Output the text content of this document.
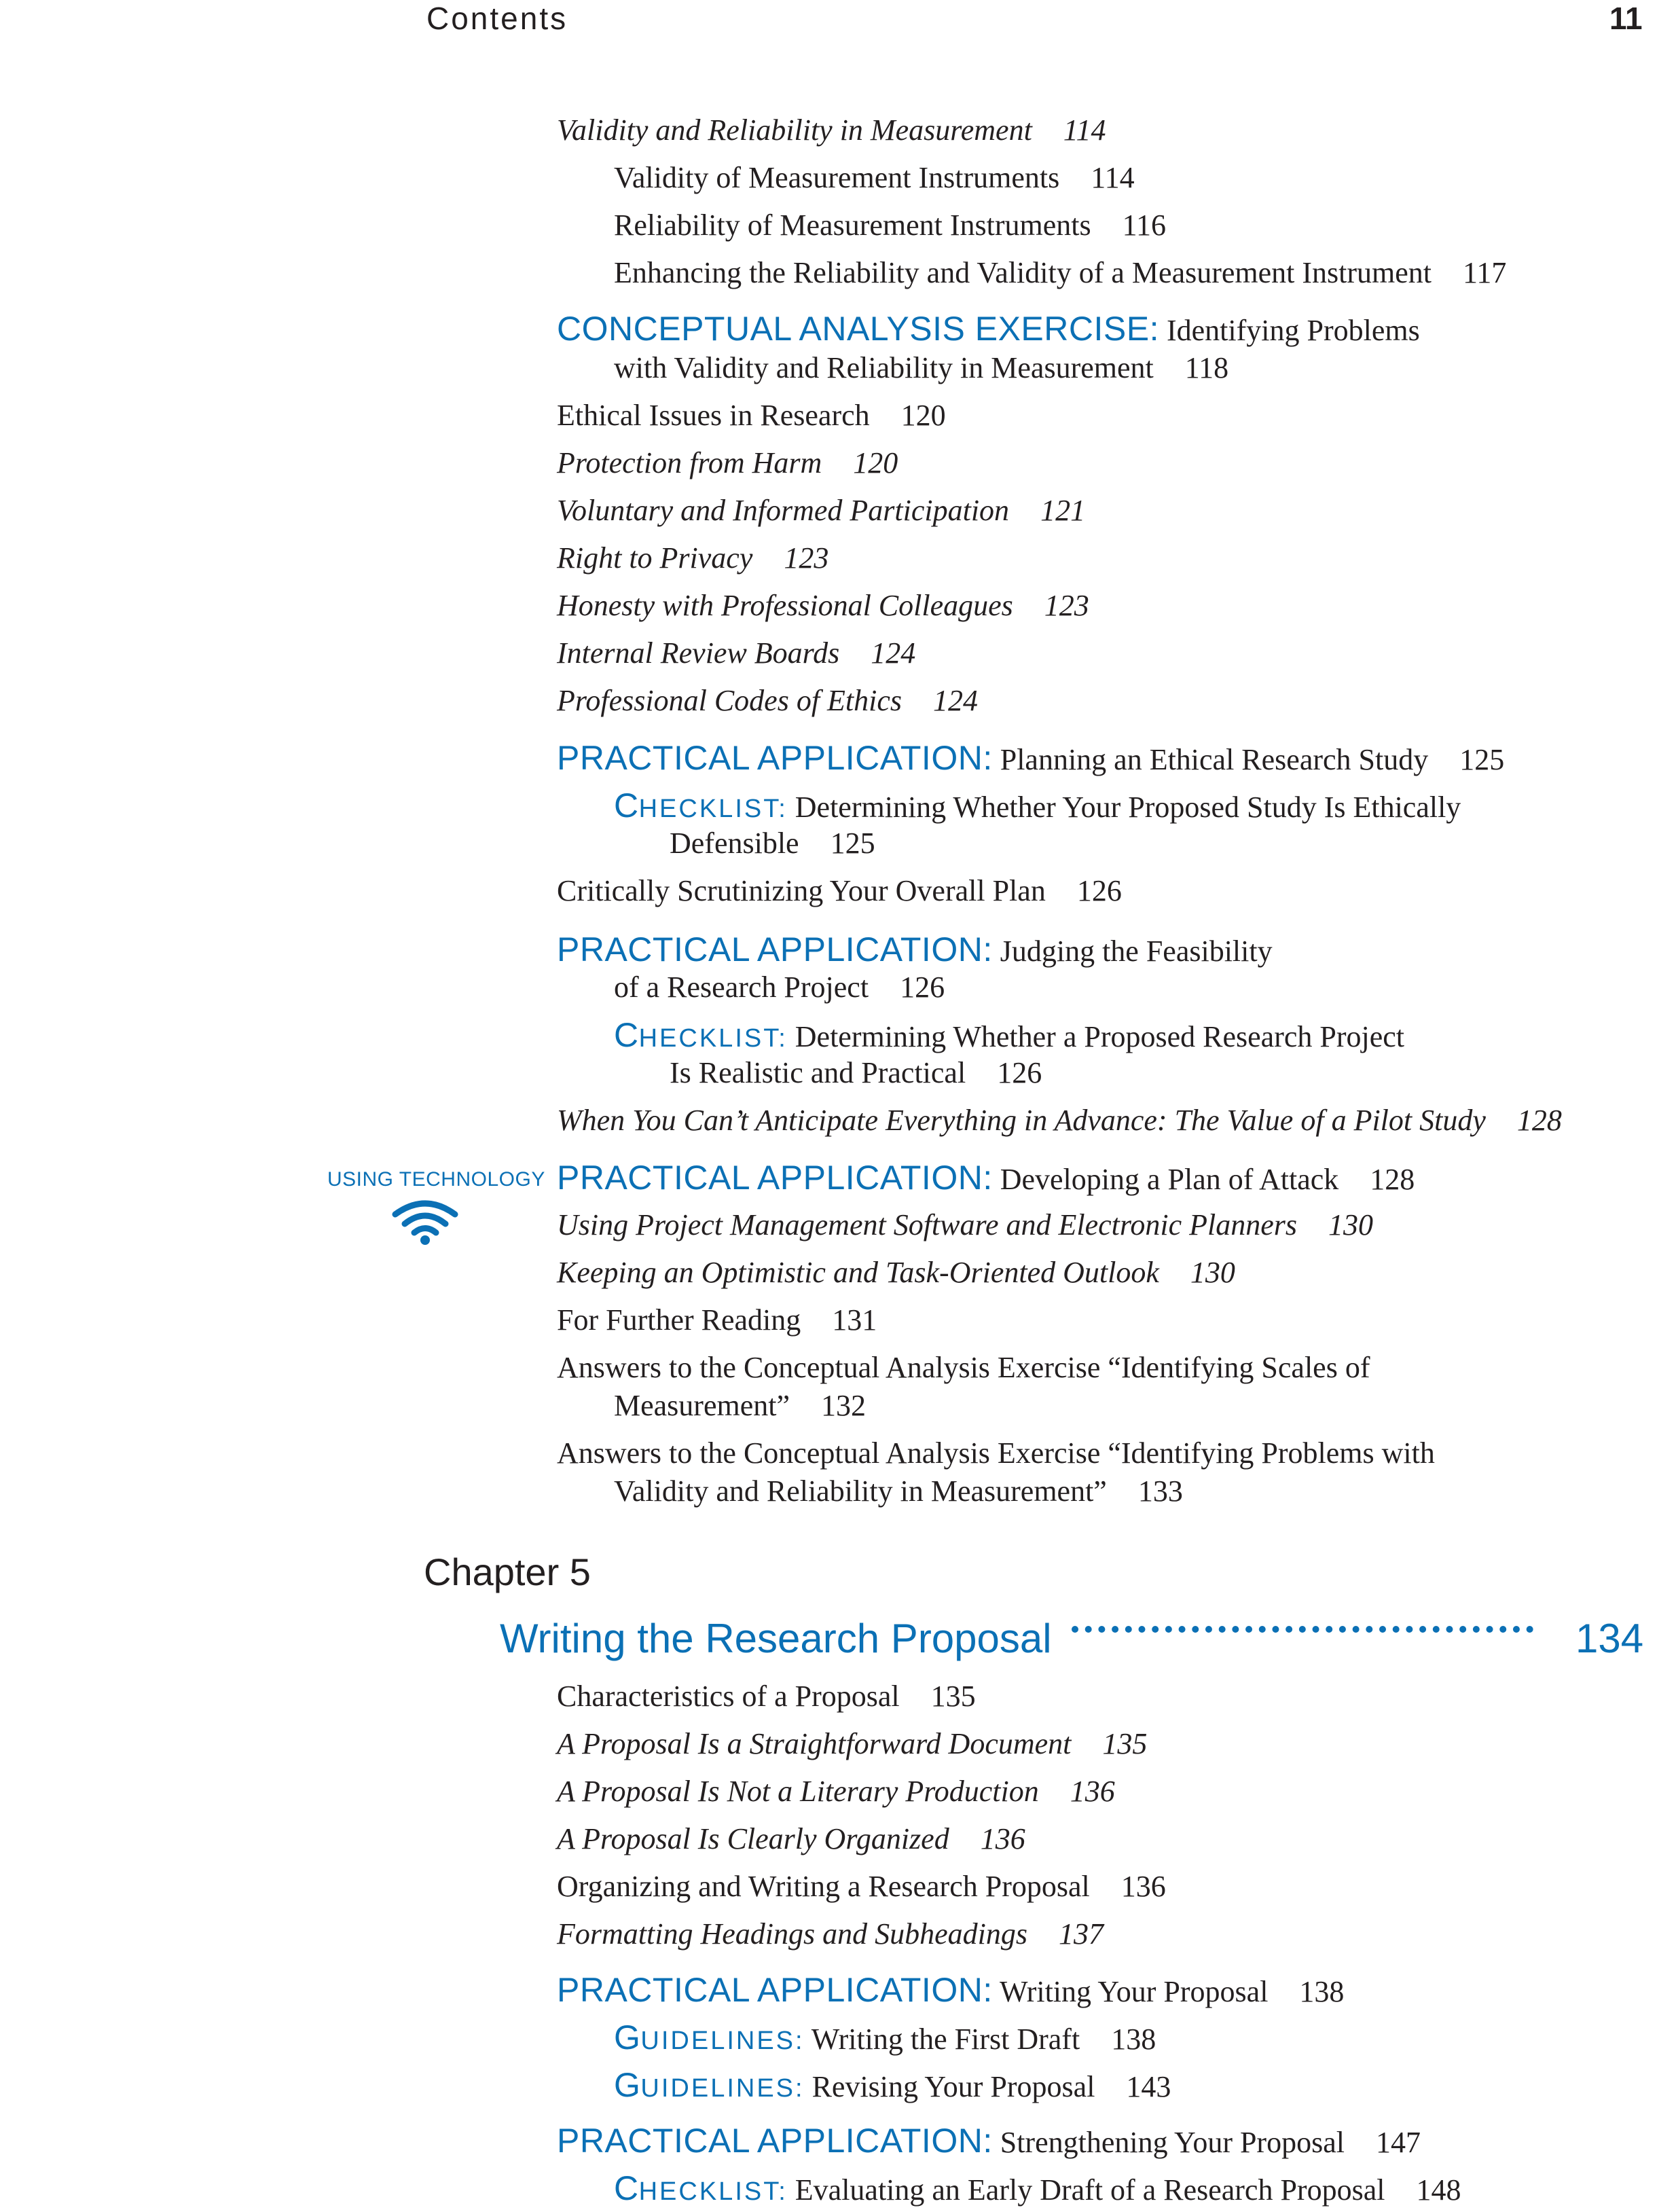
Contents	11
USING TECHNOLOGY
Validity and Reliability in Measurement 114
Validity of Measurement Instruments 114
Reliability of Measurement Instruments 116
Enhancing the Reliability and Validity of a Measurement Instrument 117
CONCEPTUAL ANALYSIS EXERCISE: Identifying Problems
with Validity and Reliability in Measurement 118
Ethical Issues in Research 120
Protection from Harm 120
Voluntary and Informed Participation 121
Right to Privacy 123
Honesty with Professional Colleagues 123
Internal Review Boards 124
Professional Codes of Ethics 124
PRACTICAL APPLICATION: Planning an Ethical Research Study 125
CHECKLIST: Determining Whether Your Proposed Study Is Ethically
Defensible 125
Critically Scrutinizing Your Overall Plan 126
PRACTICAL APPLICATION: Judging the Feasibility
of a Research Project 126
CHECKLIST: Determining Whether a Proposed Research Project
Is Realistic and Practical 126
When You Can’t Anticipate Everything in Advance: The Value of a Pilot Study 128
PRACTICAL APPLICATION: Developing a Plan of Attack 128
Using Project Management Software and Electronic Planners 130
Keeping an Optimistic and Task-Oriented Outlook 130
For Further Reading 131
Answers to the Conceptual Analysis Exercise “Identifying Scales of
Measurement” 132
Answers to the Conceptual Analysis Exercise “Identifying Problems with
Validity and Reliability in Measurement” 133
Chapter 5
Writing the Research Proposal	134
Characteristics of a Proposal 135
A Proposal Is a Straightforward Document 135
A Proposal Is Not a Literary Production 136
A Proposal Is Clearly Organized 136
Organizing and Writing a Research Proposal 136
Formatting Headings and Subheadings 137
PRACTICAL APPLICATION: Writing Your Proposal 138
GUIDELINES: Writing the First Draft 138
GUIDELINES: Revising Your Proposal 143
PRACTICAL APPLICATION: Strengthening Your Proposal 147
CHECKLIST: Evaluating an Early Draft of a Research Proposal 148
